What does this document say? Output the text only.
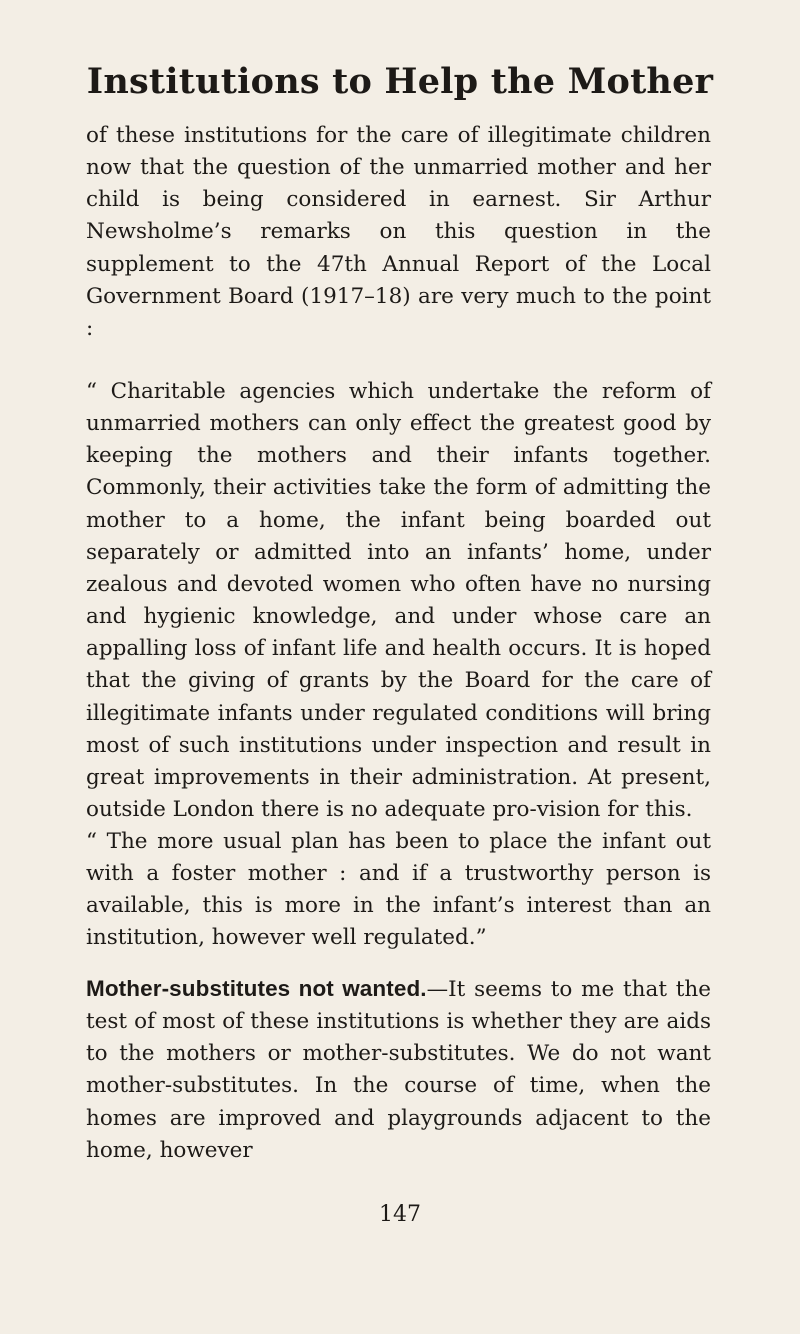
Institutions to Help the Mother

of these institutions for the care of illegitimate children now that the question of the unmarried mother and her child is being considered in earnest. Sir Arthur Newsholme’s remarks on this question in the supplement to the 47th Annual Report of the Local Government Board (1917–18) are very much to the point :

“ Charitable agencies which undertake the reform of unmarried mothers can only effect the greatest good by keeping the mothers and their infants together. Commonly, their activities take the form of admitting the mother to a home, the infant being boarded out separately or admitted into an infants’ home, under zealous and devoted women who often have no nursing and hygienic knowledge, and under whose care an appalling loss of infant life and health occurs. It is hoped that the giving of grants by the Board for the care of illegitimate infants under regulated conditions will bring most of such institutions under inspection and result in great improvements in their administration. At present, outside London there is no adequate pro-vision for this.

“ The more usual plan has been to place the infant out with a foster mother : and if a trustworthy person is available, this is more in the infant’s interest than an institution, however well regulated.”

Mother-substitutes not wanted.—It seems to me that the test of most of these institutions is whether they are aids to the mothers or mother-substitutes. We do not want mother-substitutes. In the course of time, when the homes are improved and playgrounds adjacent to the home, however

147
